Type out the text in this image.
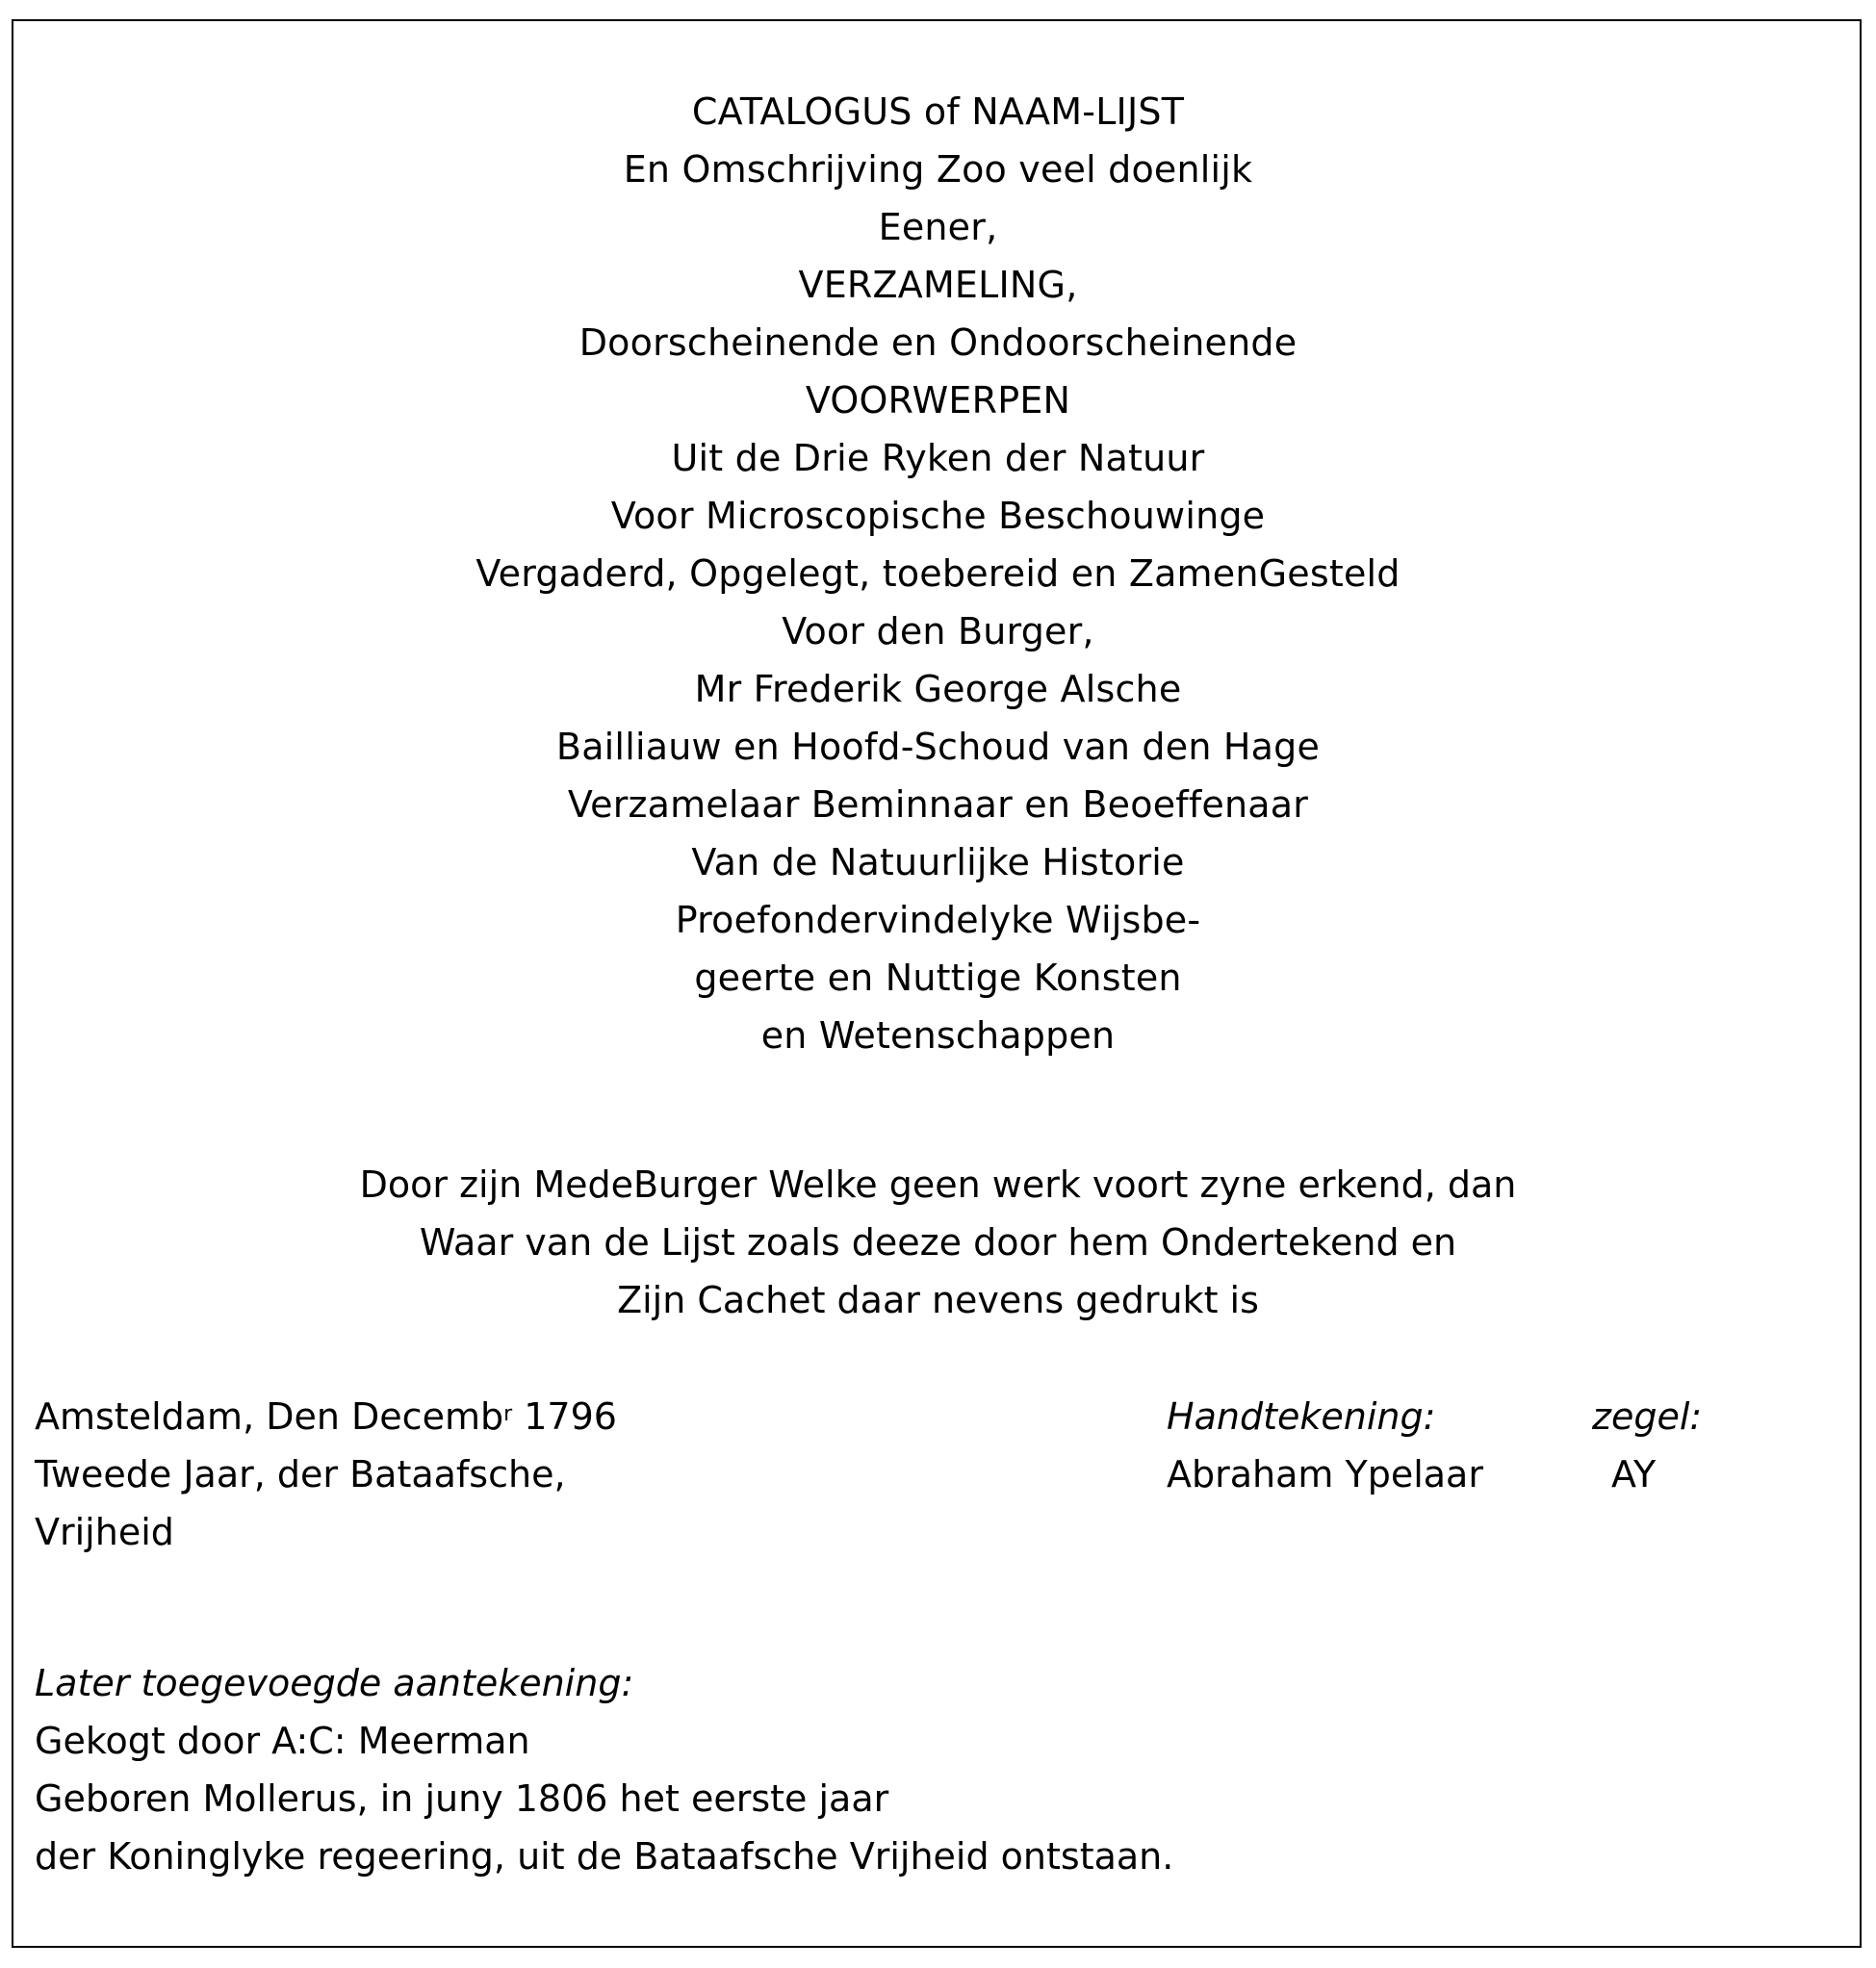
CATALOGUS of NAAM-LIJST
En Omschrijving Zoo veel doenlijk
Eener,
VERZAMELING,
Doorscheinende en Ondoorscheinende
VOORWERPEN
Uit de Drie Ryken der Natuur
Voor Microscopische Beschouwinge
Vergaderd, Opgelegt, toebereid en ZamenGesteld
Voor den Burger,
Mr Frederik George Alsche
Bailliauw en Hoofd-Schoud van den Hage
Verzamelaar Beminnaar en Beoeffenaar
Van de Natuurlijke Historie
Proefondervindelyke Wijsbe-
geerte en Nuttige Konsten
en Wetenschappen
Door zijn MedeBurger Welke geen werk voort zyne erkend, dan
Waar van de Lijst zoals deeze door hem Ondertekend en
Zijn Cachet daar nevens gedrukt is
Amsteldam, Den Decemb$^r$ 1796
Tweede Jaar, der Bataafsche,
Vrijheid
Handtekening:
Abraham Ypelaar
zegel:
AY
Later toegevoegde aantekening:
Gekogt door A:C: Meerman
Geboren Mollerus, in juny 1806 het eerste jaar
der Koninglyke regeering, uit de Bataafsche Vrijheid ontstaan.
